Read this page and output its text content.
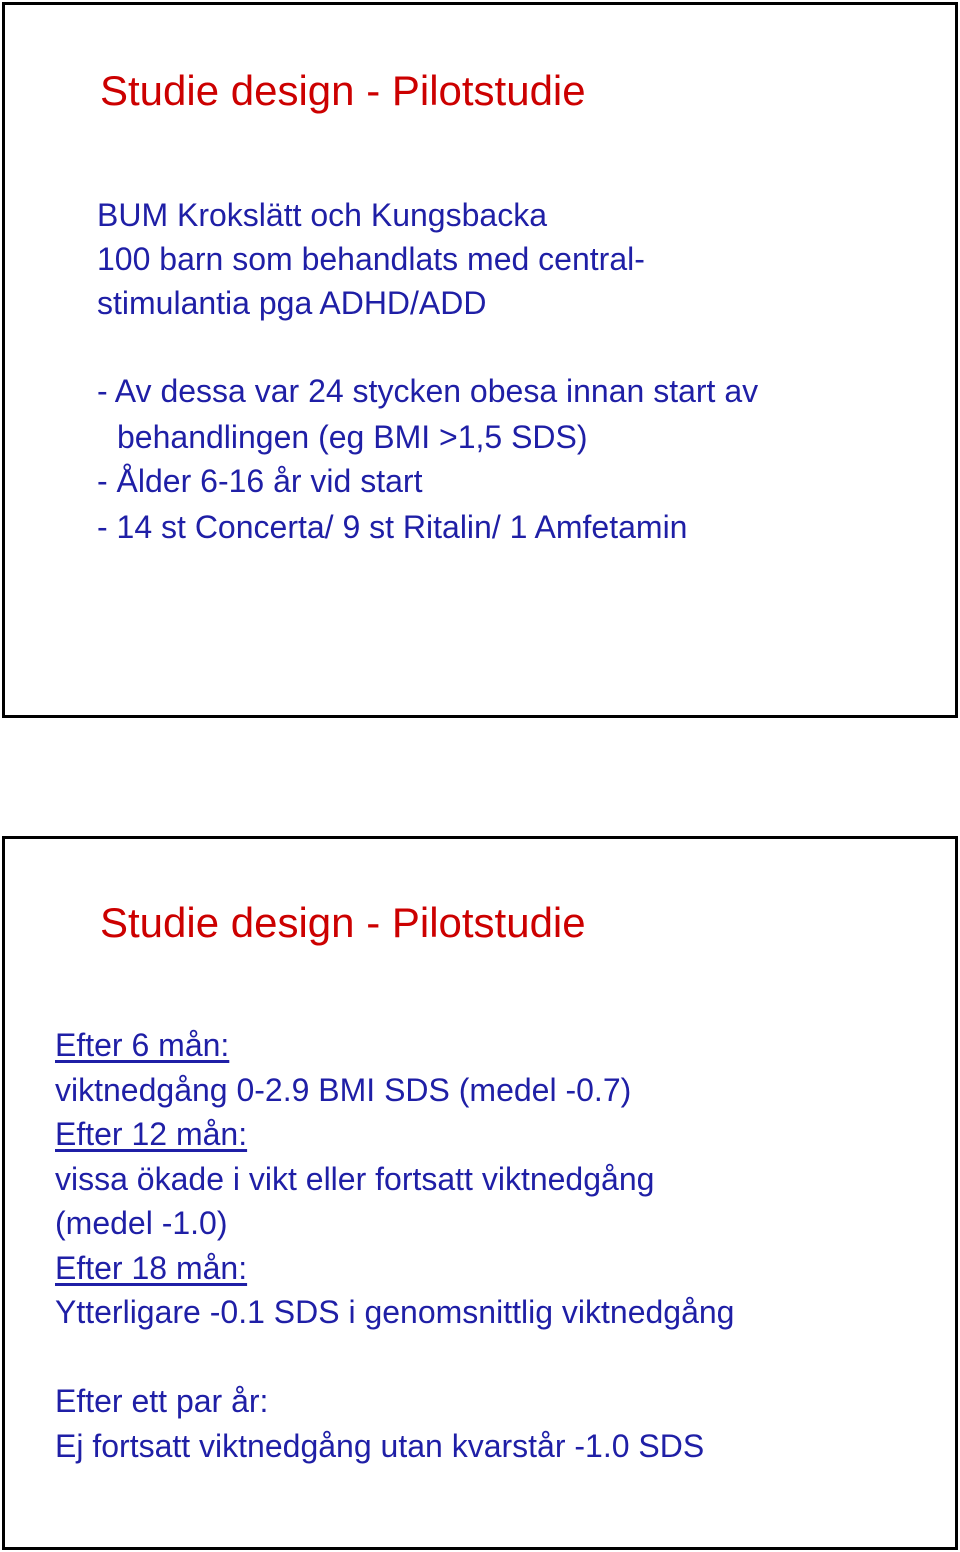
Studie design - Pilotstudie
BUM Krokslätt och Kungsbacka
100 barn som behandlats med central-
stimulantia pga ADHD/ADD
- Av dessa var 24 stycken obesa innan start av
behandlingen (eg BMI >1,5 SDS)
- Ålder 6-16 år vid start
- 14 st Concerta/ 9 st Ritalin/ 1 Amfetamin
Studie design - Pilotstudie
Efter 6 mån:
viktnedgång 0-2.9 BMI SDS (medel -0.7)
Efter 12 mån:
vissa ökade i vikt eller fortsatt viktnedgång
(medel -1.0)
Efter 18 mån:
Ytterligare -0.1 SDS i genomsnittlig viktnedgång
Efter ett par år:
Ej fortsatt viktnedgång utan kvarstår -1.0 SDS
